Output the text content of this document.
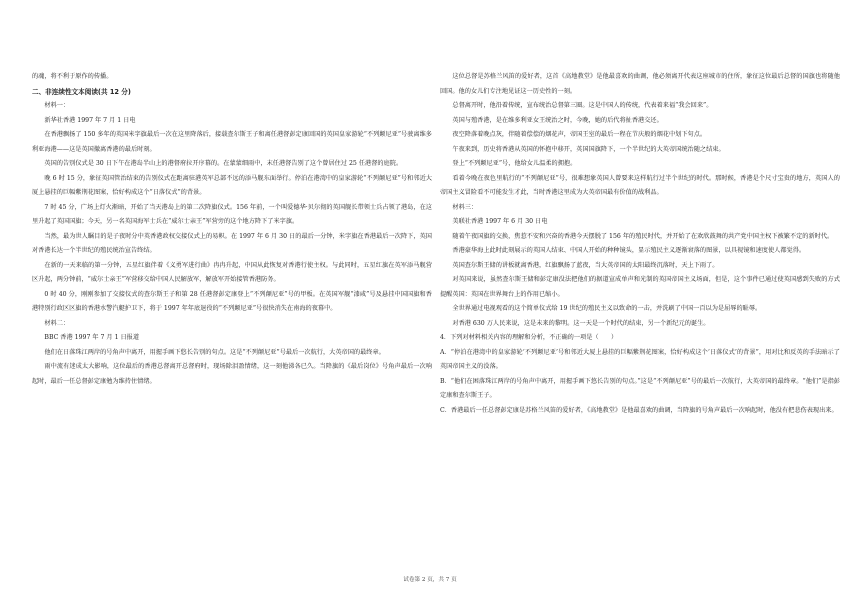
的魂，将不利于原作的传播。

二、非连续性文本阅读(共 12 分)

材料一：

新华社香港 1997 年 7 月 1 日电

在香港飘扬了 150 多年的英国米字旗最后一次在这里降落后，接载查尔斯王子和离任港督彭定康回国的英国皇家游轮“不列颠尼亚”号驶离维多利亚海港——这是英国撤离香港的最后时刻。

英国的告别仪式是 30 日下午在港岛半山上的港督府拉开序幕的。在蒙蒙细雨中，末任港督告别了这个曾居住过 25 任港督的庭院。

晚 6 时 15 分，象征英国管治结束的告别仪式在距离驻港英军总部不远的添马舰东面举行。停泊在港湾中的皇家游轮“不列颠尼亚”号和邻近大厦上悬挂的巨幅紫荆花图案，恰好构成这个“日落仪式”的背景。

7 时 45 分，广场上灯火渐暗，开始了当天港岛上的第二次降旗仪式。156 年前，一个叫爱德华·贝尔彻的英国舰长带领士兵占领了港岛，在这里升起了英国国旗；今天，另一名英国海军士兵在“威尔士亲王”军营旁的这个地方降下了米字旗。

当然，最为世人瞩目的是子夜时分中英香港政权交接仪式上的易帜。在 1997 年 6 月 30 日的最后一分钟，米字旗在香港最后一次降下，英国对香港长达一个半世纪的殖民统治宣告终结。

在新的一天来临的第一分钟，五星红旗伴着《义勇军进行曲》冉冉升起，中国从此恢复对香港行使主权。与此同时，五星红旗在英军添马舰营区升起，两分钟前，“威尔士亲王”军营移交给中国人民解放军，解放军开始接管香港防务。

0 时 40 分，刚刚参加了交接仪式的查尔斯王子和第 28 任港督彭定康登上“不列颠尼亚”号的甲板。在英国军舰“漆咸”号及悬挂中国国旗和香港特别行政区区旗的香港水警汽艇护卫下，将于 1997 年年底退役的“不列颠尼亚”号很快消失在南海的夜幕中。

材料二：

BBC 香港 1997 年 7 月 1 日报道

他们在日落珠江两岸的号角声中离开，用握手画下悠长告别的句点。这是“不列颠尼亚”号最后一次航行，大英帝国的最终章。

雨中流有迷成太大影响，这位最后的香港总督离开总督府时，现场除泪盈情绪，这一刻他涕各已久。当降旗的《最后岗位》号角声最后一次响起时，最后一任总督彭定康勉为维持住情绪。

这位总督是苏格兰风笛的爱好者，这首《高地教堂》是他最喜欢的曲调，他必须离开代表这座城市的住所，象征这位最后总督的国旗也将随他回国。他的女儿们专注地见证这一历史性的一刻。

总督离开时，他沿着传统，宣布统治总督第三圈。这是中国人的传统，代表着来福“我会回来”。

英国与殖香港，是在维多利亚女王统治之时，今晚，她的后代将扯香港交还。

夜空降落着晚点灰，伴随着偿偿的烟花声，帝国王室的最后一程在节庆般的烟花中划下句点。

午夜来到，历史将香港从英国的怀抱中移开，英国国旗降下，一个半世纪的大英帝国统治随之结束。

登上“不列颠尼亚”号，他给女儿温柔的拥抱。

看着今晚在夜色里航行的“不列颠尼亚”号，很难想象英国人曾要来这样航行过半个世纪的时代。那时候，香港是个尺寸宝贵的地方，英国人的帝国主义冒险看不可能发生才此，当时香港这里成为大英帝国最有价值的战利品。

材料三：

美联社香港 1997 年 6 月 30 日电

随着午夜国旗的交换，焦惹不安和兴奋的香港今天摆脱了 156 年的殖民时代，并开始了在欢欣鼓舞的共产党中国主权下被繁不定的新时代。

香港豪华海上此时此刻展示的英国人结束、中国人开始的种种镜头，显示殖民主义逐渐衰落的图景，以具视镜和速度使人都觉得。

英国查尔斯王储的讲板就离香港，红旗飘扬了蓝夜，当大英帝国的太阳最终沉落时，天上下雨了。

对英国来说，虽然查尔斯王储和彭定康没法把他们的据道宣成单声和光制的英国帝国主义场面，但是，这个事件已通过使英国感到失败的方式提醒英国：英国在世界舞台上的作用已缩小。

全世界通过电视观看的这个简单仪式给 19 世纪的殖民主义以致命的一击，并洗刷了中国一百以为是屈辱的耻辱。

对香港 630 万人民来说，这是未来的黎明。这一天是一个时代的结束，另一个新纪元的诞生。

4．下列对材料相关内容的理解和分析，不正确的一项是（　　）

A．“停泊在港湾中的皇家游轮‘不列颠尼亚’号和邻近大厦上悬挂的巨幅紫荆花图案，恰好构成这个‘日落仪式’的背景”，用对比和反英的手法暗示了英国帝国主义的没落。

B．“他们在困落珠江两岸的号角声中离开，用握手画下悠长告别的句点。”这是“不列颠尼亚”号的最后一次航行，大英帝国的最终章。“他们”是指彭定康和查尔斯王子。

C．香港最后一任总督彭定康是苏格兰风笛的爱好者，《高地教堂》是他最喜欢的曲调，当降旗的号角声最后一次响起时，他没有把悲伤表现出来。

试卷第 2 页，共 7 页
